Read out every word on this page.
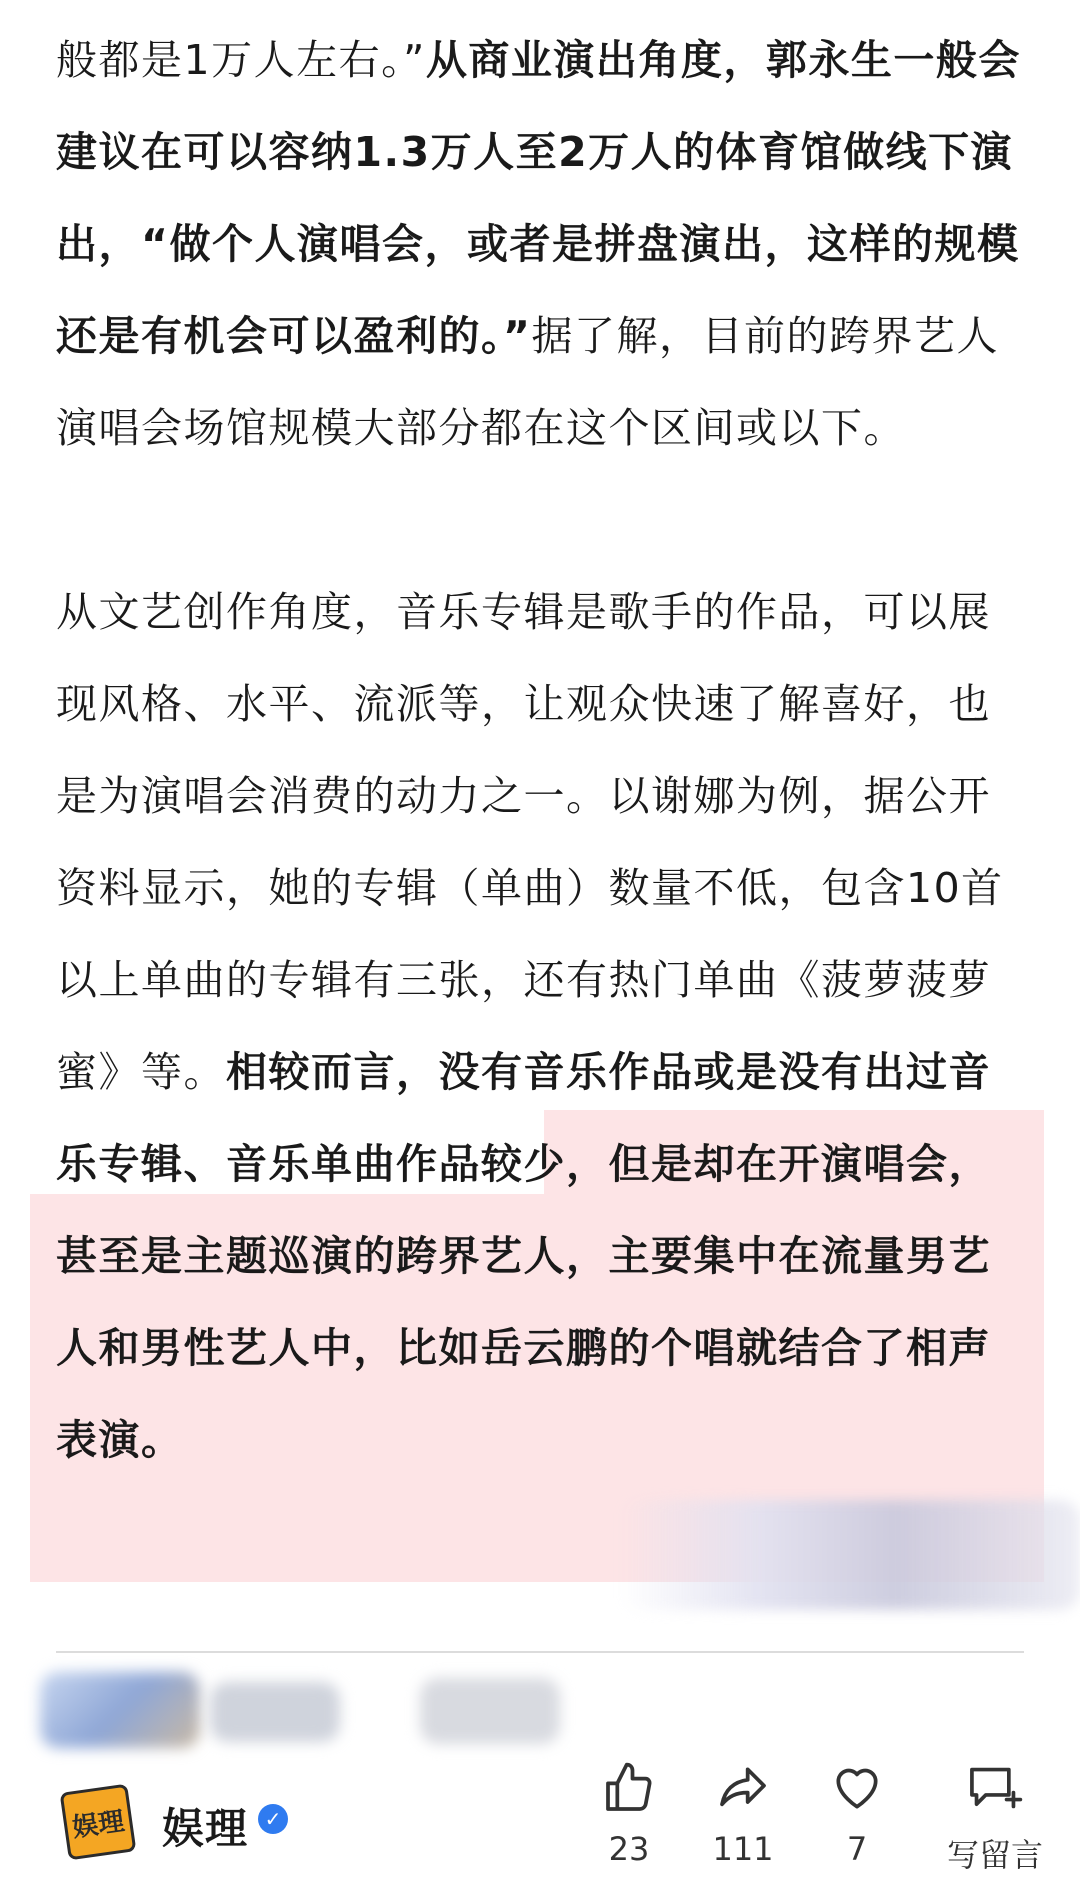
般都是1万人左右。”从商业演出角度，郭永生一般会建议在可以容纳1.3万人至2万人的体育馆做线下演出，“做个人演唱会，或者是拼盘演出，这样的规模还是有机会可以盈利的。”据了解，目前的跨界艺人演唱会场馆规模大部分都在这个区间或以下。

从文艺创作角度，音乐专辑是歌手的作品，可以展现风格、水平、流派等，让观众快速了解喜好，也是为演唱会消费的动力之一。以谢娜为例，据公开资料显示，她的专辑（单曲）数量不低，包含10首以上单曲的专辑有三张，还有热门单曲《菠萝菠萝蜜》等。相较而言，没有音乐作品或是没有出过音乐专辑、音乐单曲作品较少，但是却在开演唱会，甚至是主题巡演的跨界艺人，主要集中在流量男艺人和男性艺人中，比如岳云鹏的个唱就结合了相声表演。

娱理 娱理 ✓
23	111	7	写留言
